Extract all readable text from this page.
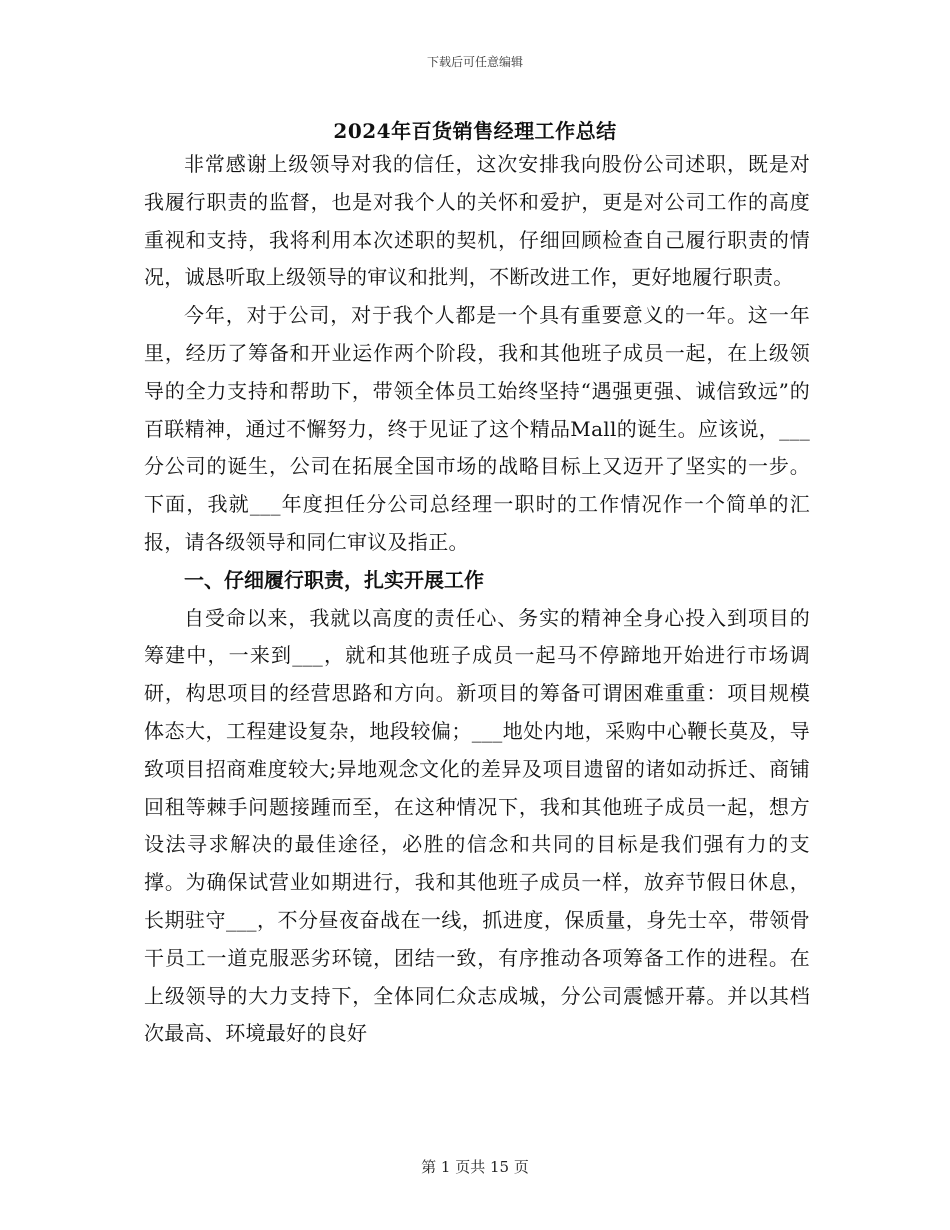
下载后可任意编辑
2024年百货销售经理工作总结

非常感谢上级领导对我的信任，这次安排我向股份公司述职，既是对我履行职责的监督，也是对我个人的关怀和爱护，更是对公司工作的高度重视和支持，我将利用本次述职的契机，仔细回顾检查自己履行职责的情况，诚恳听取上级领导的审议和批判，不断改进工作，更好地履行职责。

今年，对于公司，对于我个人都是一个具有重要意义的一年。这一年里，经历了筹备和开业运作两个阶段，我和其他班子成员一起，在上级领导的全力支持和帮助下，带领全体员工始终坚持“遇强更强、诚信致远”的百联精神，通过不懈努力，终于见证了这个精品Mall的诞生。应该说，___分公司的诞生，公司在拓展全国市场的战略目标上又迈开了坚实的一步。下面，我就___年度担任分公司总经理一职时的工作情况作一个简单的汇报，请各级领导和同仁审议及指正。

一、仔细履行职责，扎实开展工作

自受命以来，我就以高度的责任心、务实的精神全身心投入到项目的筹建中，一来到___，就和其他班子成员一起马不停蹄地开始进行市场调研，构思项目的经营思路和方向。新项目的筹备可谓困难重重：项目规模体态大，工程建设复杂，地段较偏；___地处内地，采购中心鞭长莫及，导致项目招商难度较大;异地观念文化的差异及项目遗留的诸如动拆迁、商铺回租等棘手问题接踵而至，在这种情况下，我和其他班子成员一起，想方设法寻求解决的最佳途径，必胜的信念和共同的目标是我们强有力的支撑。为确保试营业如期进行，我和其他班子成员一样，放弃节假日休息，长期驻守___，不分昼夜奋战在一线，抓进度，保质量，身先士卒，带领骨干员工一道克服恶劣环镜，团结一致，有序推动各项筹备工作的进程。在上级领导的大力支持下，全体同仁众志成城，分公司震憾开幕。并以其档次最高、环境最好的良好

第 1 页共 15 页
